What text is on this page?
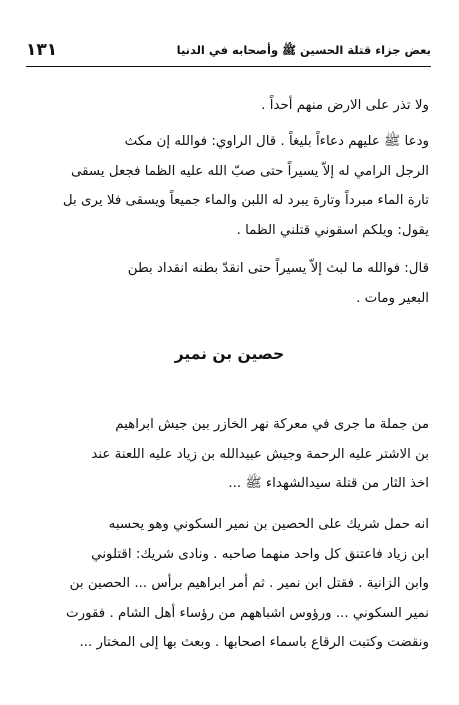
بعض جزاء قتلة الحسين ﷺ وأصحابه في الدنيا
١٣١
ولا تذر على الارض منهم أحداً .
ودعا ﷺ عليهم دعاءاً بليغاً . قال الراوي: فوالله إن مكث
الرجل الرامي له إلاّ يسيراً حتى صبّ الله عليه الظما فجعل يسقى
تارة الماء مبرداً وتارة يبرد له اللبن والماء جميعاً ويسقى فلا يرى بل
يقول: ويلكم اسقوني قتلني الظما .
قال: فوالله ما لبث إلاّ يسيراً حتى انقدّ بطنه انقداد بطن
البعير ومات .
حصين بن نمير
من جملة ما جرى في معركة نهر الخازر بين جيش ابراهيم
بن الاشتر عليه الرحمة وجيش عبيدالله بن زياد عليه اللعنة عند
اخذ الثار من قتلة سيدالشهداء ﷺ ...
انه حمل شريك على الحصين بن نمير السكوني وهو يحسبه
ابن زياد فاعتنق كل واحد منهما صاحبه . ونادى شريك: اقتلوني
وابن الزانية . فقتل ابن نمير . ثم أمر ابراهيم برأس ... الحصين بن
نمير السكوني ... ورؤوس اشباههم من رؤساء أهل الشام . فقورت
ونقضت وكتبت الرقاع باسماء اصحابها . وبعث بها إلى المختار ...
